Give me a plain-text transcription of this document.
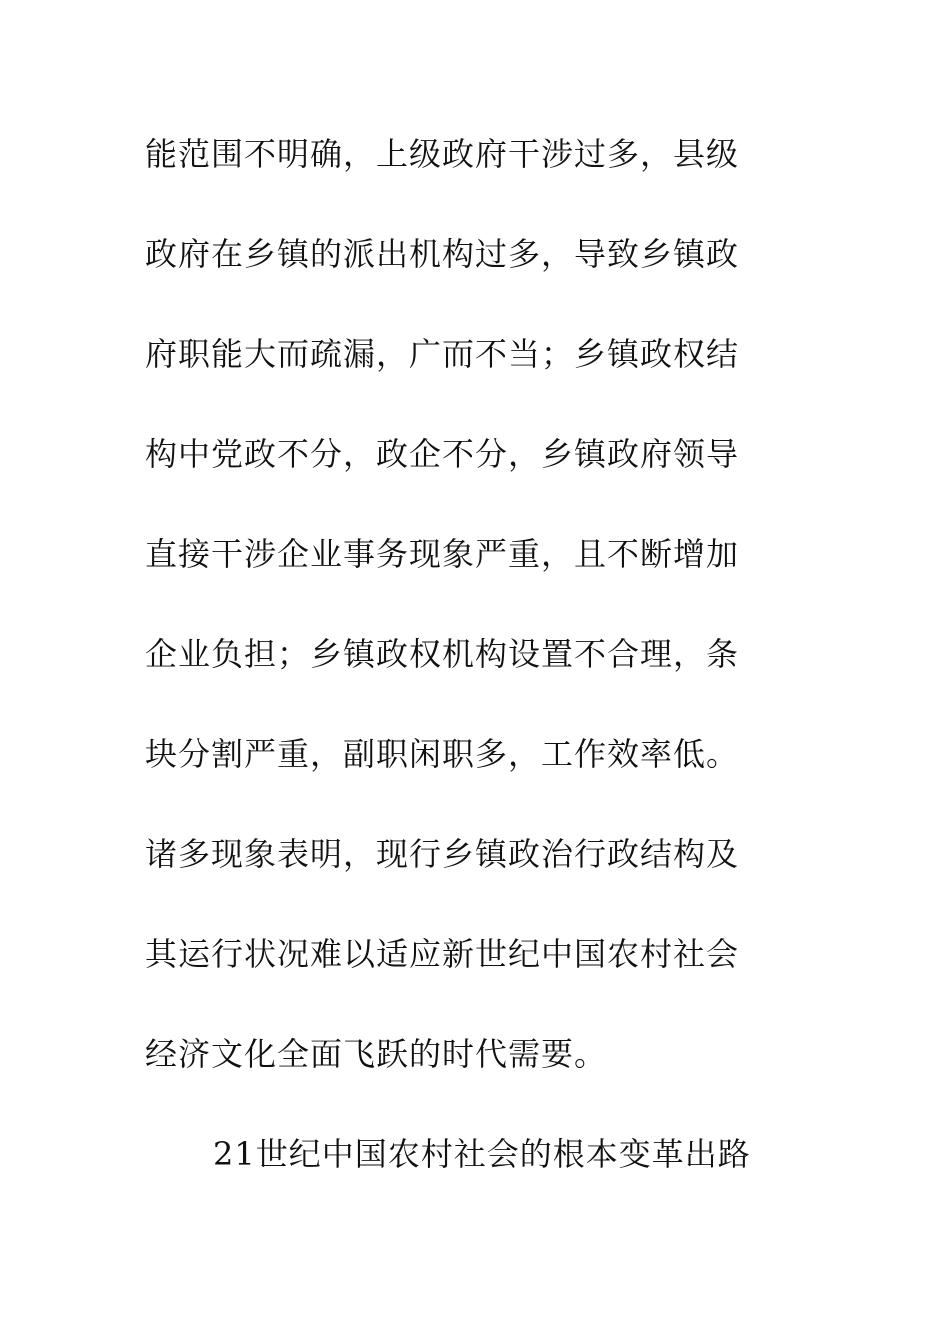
能范围不明确，上级政府干涉过多，县级
政府在乡镇的派出机构过多，导致乡镇政
府职能大而疏漏，广而不当；乡镇政权结
构中党政不分，政企不分，乡镇政府领导
直接干涉企业事务现象严重，且不断增加
企业负担；乡镇政权机构设置不合理，条
块分割严重，副职闲职多，工作效率低。
诸多现象表明，现行乡镇政治行政结构及
其运行状况难以适应新世纪中国农村社会
经济文化全面飞跃的时代需要。
21世纪中国农村社会的根本变革出路
